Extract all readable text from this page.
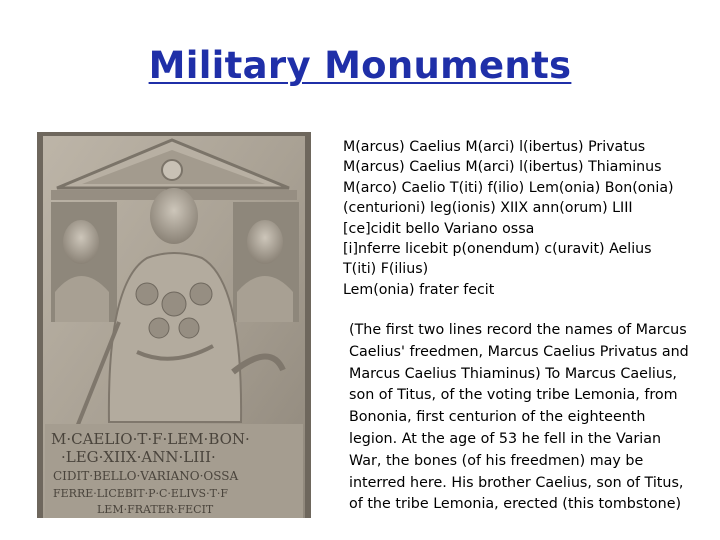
Military Monuments
M·CAELIO·T·F·LEM·BON·
·LEG·XIIX·ANN·LIII·
CIDIT·BELLO·VARIANO·OSSA
FERRE·LICEBIT·P·C·ELIVS·T·F
LEM·FRATER·FECIT
M(arcus) Caelius M(arci) l(ibertus) Privatus
M(arcus) Caelius M(arci) l(ibertus) Thiaminus
M(arco) Caelio T(iti) f(ilio) Lem(onia) Bon(onia)
(centurioni) leg(ionis) XIIX ann(orum) LIII
[ce]cidit bello Variano ossa
[i]nferre licebit p(onendum) c(uravit) Aelius
T(iti) F(ilius)
Lem(onia) frater fecit
(The first two lines record the names of Marcus
Caelius' freedmen, Marcus Caelius Privatus and
Marcus Caelius Thiaminus) To Marcus Caelius,
son of Titus, of the voting tribe Lemonia, from
Bononia, first centurion of the eighteenth
legion. At the age of 53 he fell in the Varian
War, the bones (of his freedmen) may be
interred here. His brother Caelius, son of Titus,
of the tribe Lemonia, erected (this tombstone)
